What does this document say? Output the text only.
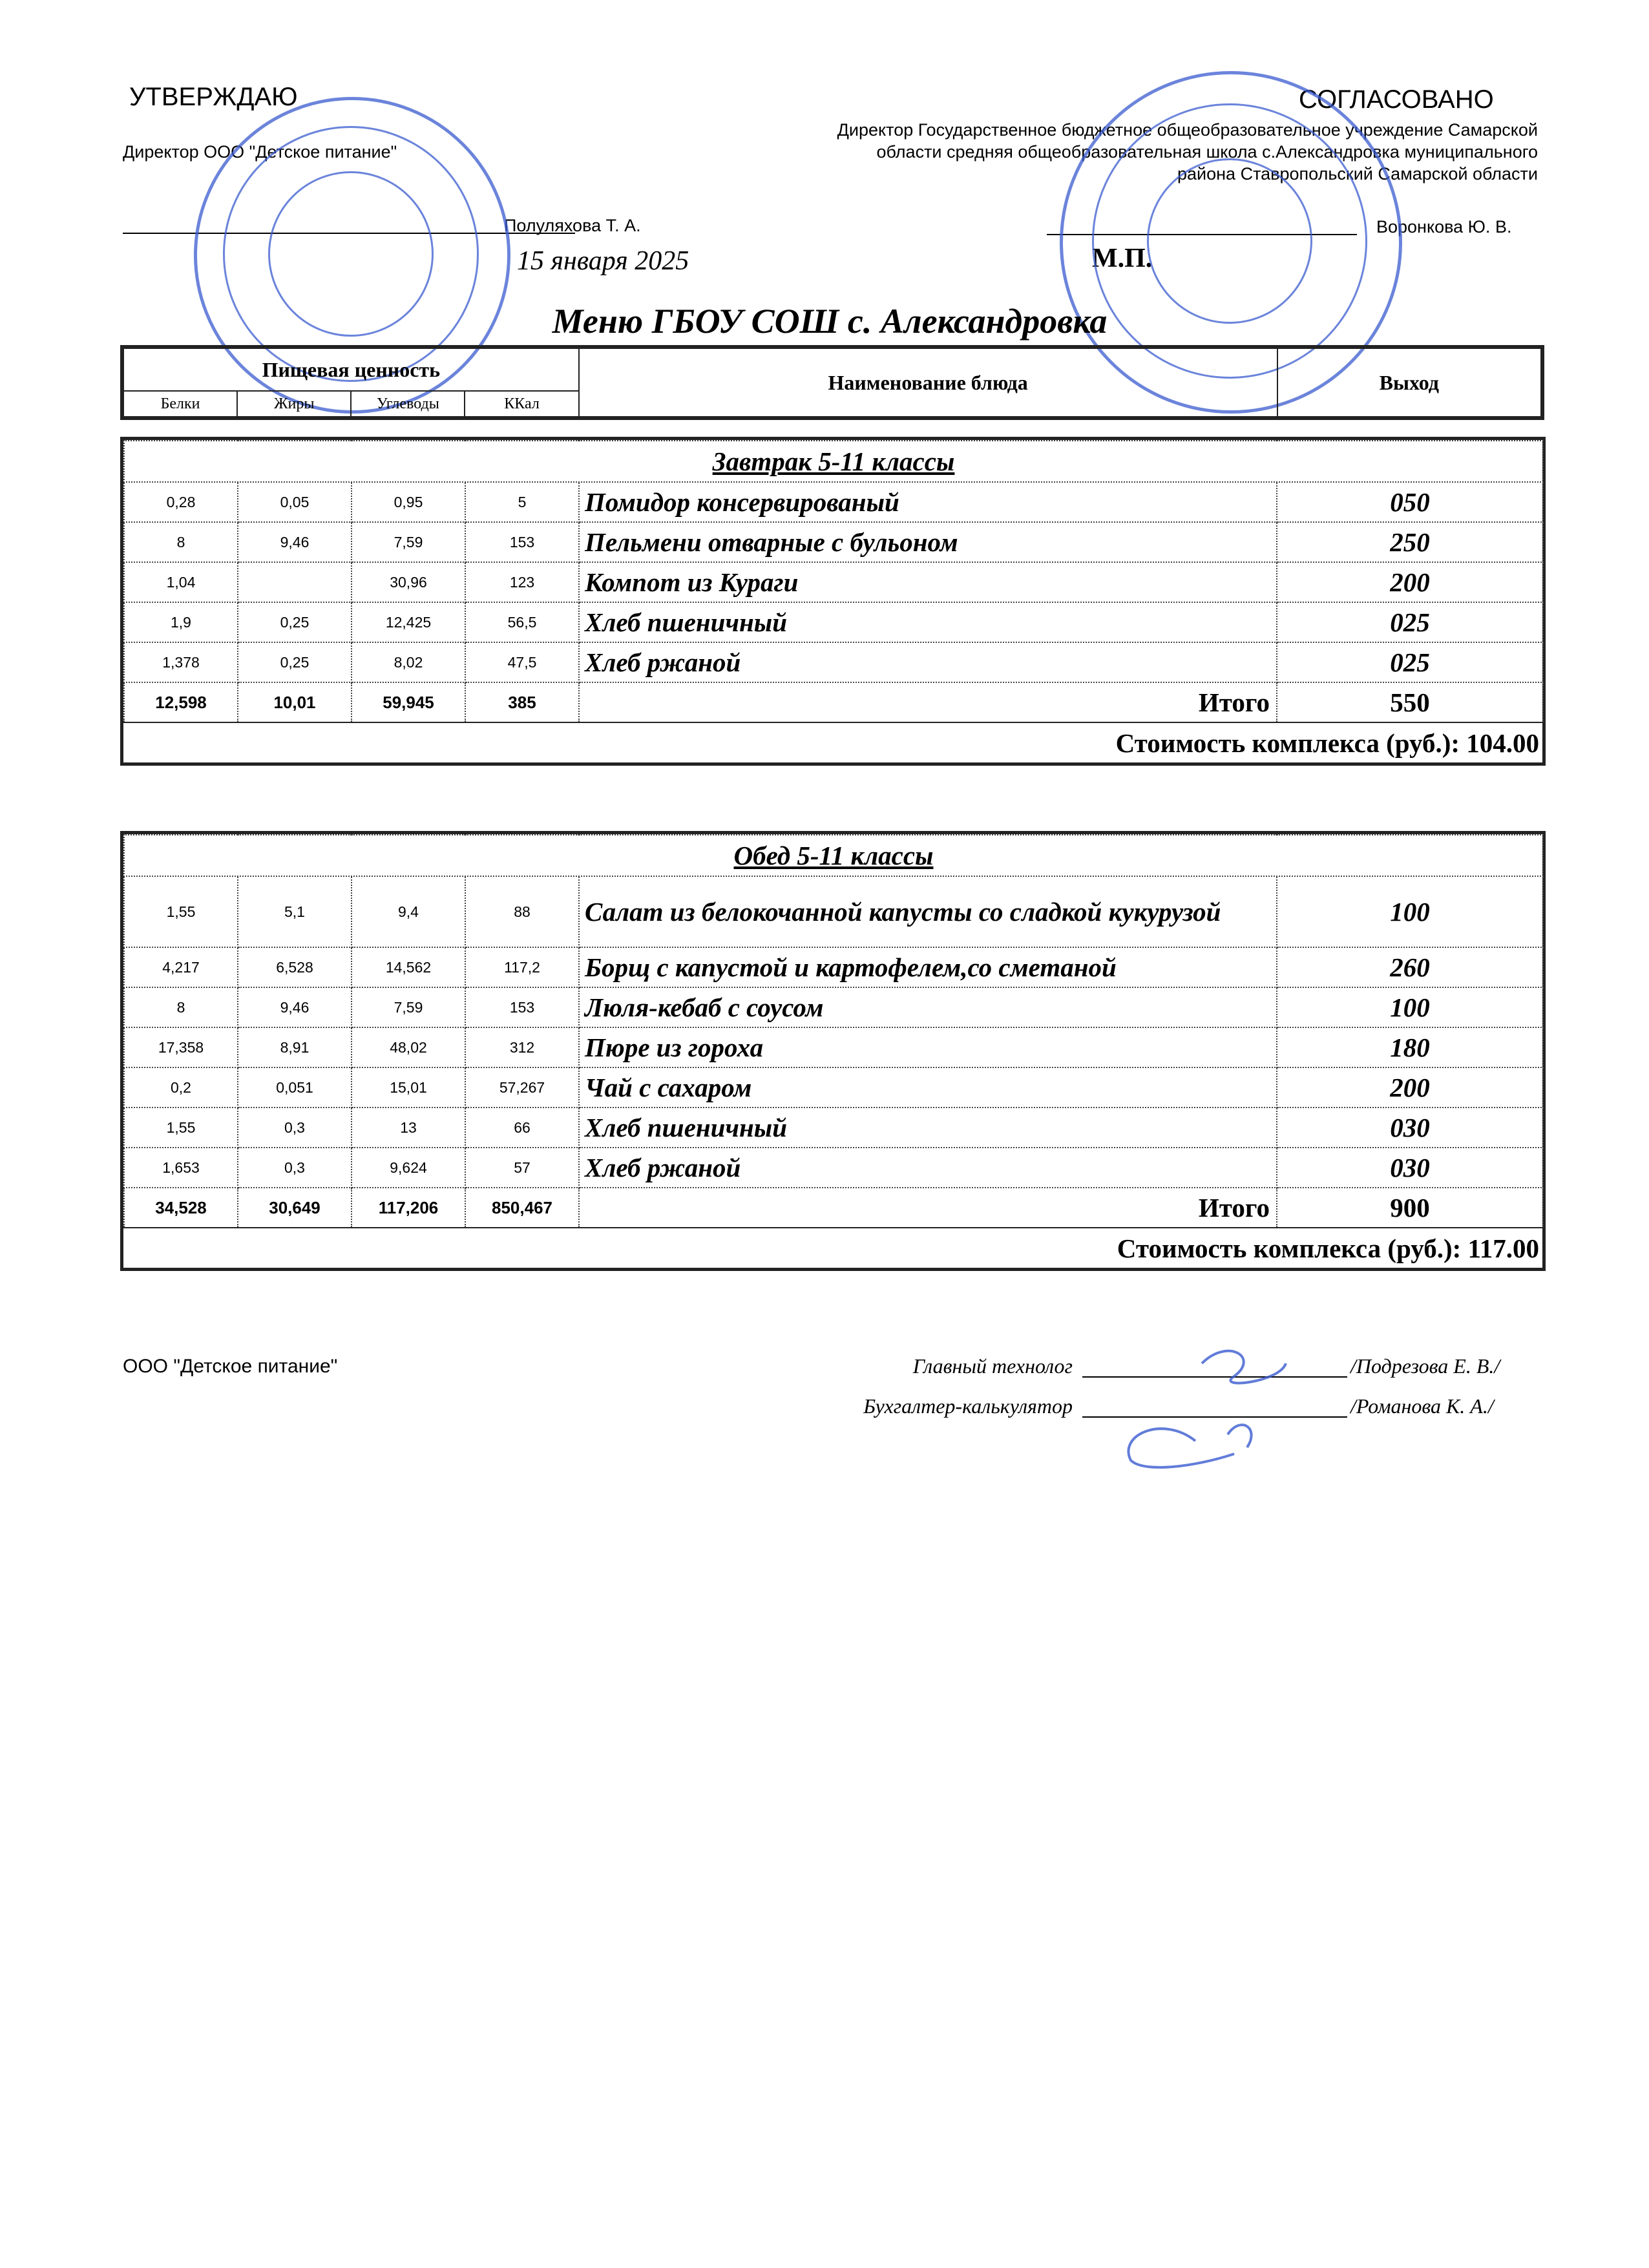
УТВЕРЖДАЮ
Директор ООО "Детское питание"
Полуляхова Т. А.
15 января 2025
СОГЛАСОВАНО
Директор Государственное бюджетное общеобразовательное учреждение Самарской
области средняя общеобразовательная школа с.Александровка муниципального
района Ставропольский Самарской области
Воронкова Ю. В.
М.П.
Меню ГБОУ СОШ с. Александровка
Пищевая ценность				Наименование блюда	Выход
Белки	Жиры	Углеводы	ККал		
Завтрак 5-11 классы					
0,28	0,05	0,95	5	Помидор консервированый	050
8	9,46	7,59	153	Пельмени отварные с бульоном	250
1,04		30,96	123	Компот из Кураги	200
1,9	0,25	12,425	56,5	Хлеб пшеничный	025
1,378	0,25	8,02	47,5	Хлеб ржаной	025
12,598	10,01	59,945	385	Итого	550
Стоимость комплекса (руб.): 104.00					
Обед 5-11 классы					
1,55	5,1	9,4	88	Салат из белокочанной капусты со сладкой кукурузой	100
4,217	6,528	14,562	117,2	Борщ с капустой и картофелем,со сметаной	260
8	9,46	7,59	153	Люля-кебаб с соусом	100
17,358	8,91	48,02	312	Пюре из гороха	180
0,2	0,051	15,01	57,267	Чай с сахаром	200
1,55	0,3	13	66	Хлеб пшеничный	030
1,653	0,3	9,624	57	Хлеб ржаной	030
34,528	30,649	117,206	850,467	Итого	900
Стоимость комплекса (руб.): 117.00					
ООО "Детское питание"	Главный технолог	/Подрезова Е. В./
Бухгалтер-калькулятор	/Романова К. А./
